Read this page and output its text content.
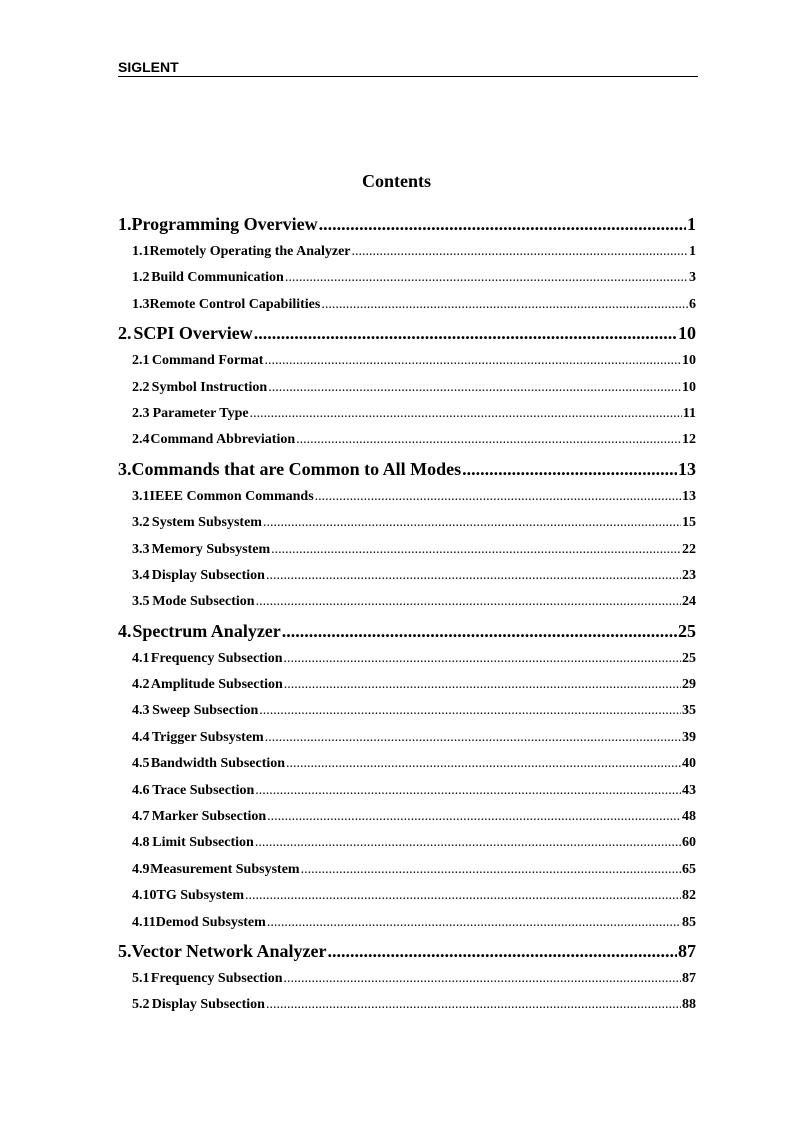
SIGLENT
Contents
1. Programming Overview .....	1
1.1 Remotely Operating the Analyzer .....	1
1.2 Build Communication .....	3
1.3 Remote Control Capabilities .....	6
2. SCPI Overview .....	10
2.1 Command Format .....	10
2.2 Symbol Instruction .....	10
2.3 Parameter Type .....	11
2.4 Command Abbreviation .....	12
3. Commands that are Common to All Modes .....	13
3.1 IEEE Common Commands .....	13
3.2 System Subsystem .....	15
3.3 Memory Subsystem .....	22
3.4 Display Subsection .....	23
3.5 Mode Subsection .....	24
4. Spectrum Analyzer .....	25
4.1 Frequency Subsection .....	25
4.2 Amplitude Subsection .....	29
4.3 Sweep Subsection .....	35
4.4 Trigger Subsystem .....	39
4.5 Bandwidth Subsection .....	40
4.6 Trace Subsection .....	43
4.7 Marker Subsection .....	48
4.8 Limit Subsection .....	60
4.9 Measurement Subsystem .....	65
4.10 TG Subsystem .....	82
4.11 Demod Subsystem .....	85
5. Vector Network Analyzer .....	87
5.1 Frequency Subsection .....	87
5.2 Display Subsection .....	88
